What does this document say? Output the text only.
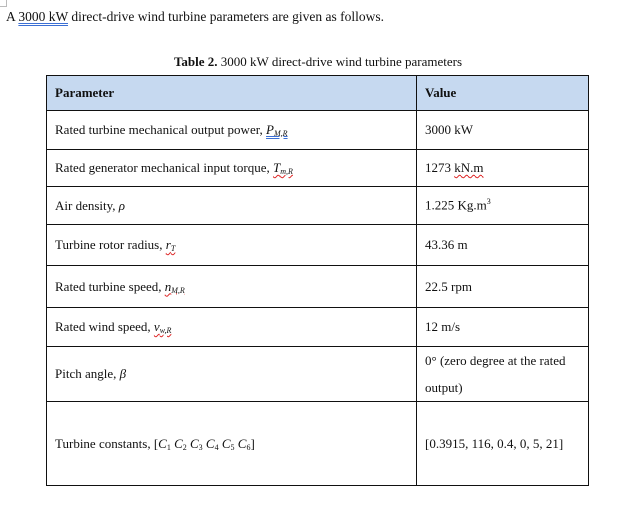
A 3000 kW direct-drive wind turbine parameters are given as follows.
Table 2. 3000 kW direct-drive wind turbine parameters
Parameter	Value
Rated turbine mechanical output power, $P_{M,R}$	3000 kW
Rated generator mechanical input torque, $T_{m,R}$	1273 kN.m
Air density, ρ	1.225 $Kg.m^3$
Turbine rotor radius, $r_T$	43.36 m
Rated turbine speed, $n_{M,R}$	22.5 rpm
Rated wind speed, $v_{w,R}$	12 m/s
Pitch angle, β	0° (zero degree at the rated
output)

Turbine constants, [$C_1$ $C_2$ $C_3$ $C_4$ $C_5$ $C_6$]	[0.3915, 116, 0.4, 0, 5, 21]
